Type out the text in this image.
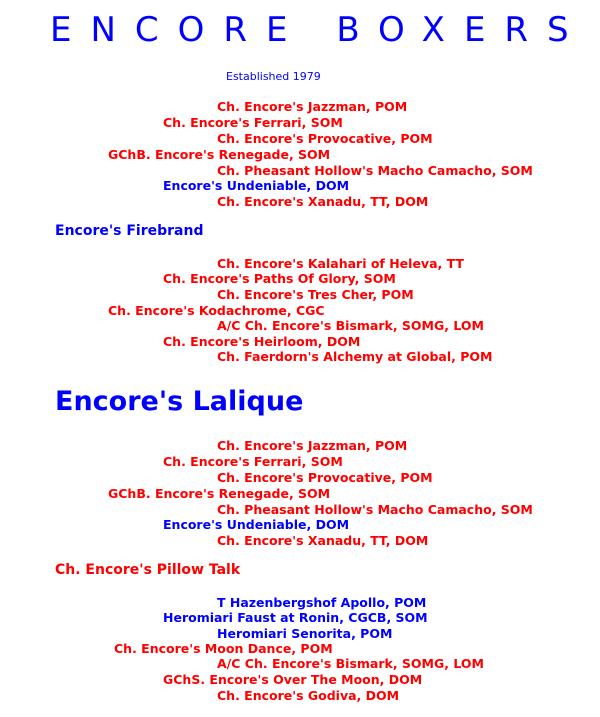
ENCORE BOXERS
Established 1979
Ch. Encore's Jazzman, POM
Ch. Encore's Ferrari, SOM
Ch. Encore's Provocative, POM
GChB. Encore's Renegade, SOM
Ch. Pheasant Hollow's Macho Camacho, SOM
Encore's Undeniable, DOM
Ch. Encore's Xanadu, TT, DOM
Encore's Firebrand
Ch. Encore's Kalahari of Heleva, TT
Ch. Encore's Paths Of Glory, SOM
Ch. Encore's Tres Cher, POM
Ch. Encore's Kodachrome, CGC
A/C Ch. Encore's Bismark, SOMG, LOM
Ch. Encore's Heirloom, DOM
Ch. Faerdorn's Alchemy at Global, POM
Encore's Lalique
Ch. Encore's Jazzman, POM
Ch. Encore's Ferrari, SOM
Ch. Encore's Provocative, POM
GChB. Encore's Renegade, SOM
Ch. Pheasant Hollow's Macho Camacho, SOM
Encore's Undeniable, DOM
Ch. Encore's Xanadu, TT, DOM
Ch. Encore's Pillow Talk
T Hazenbergshof Apollo, POM
Heromiari Faust at Ronin, CGCB, SOM
Heromiari Senorita, POM
Ch. Encore's Moon Dance, POM
A/C Ch. Encore's Bismark, SOMG, LOM
GChS. Encore's Over The Moon, DOM
Ch. Encore's Godiva, DOM
